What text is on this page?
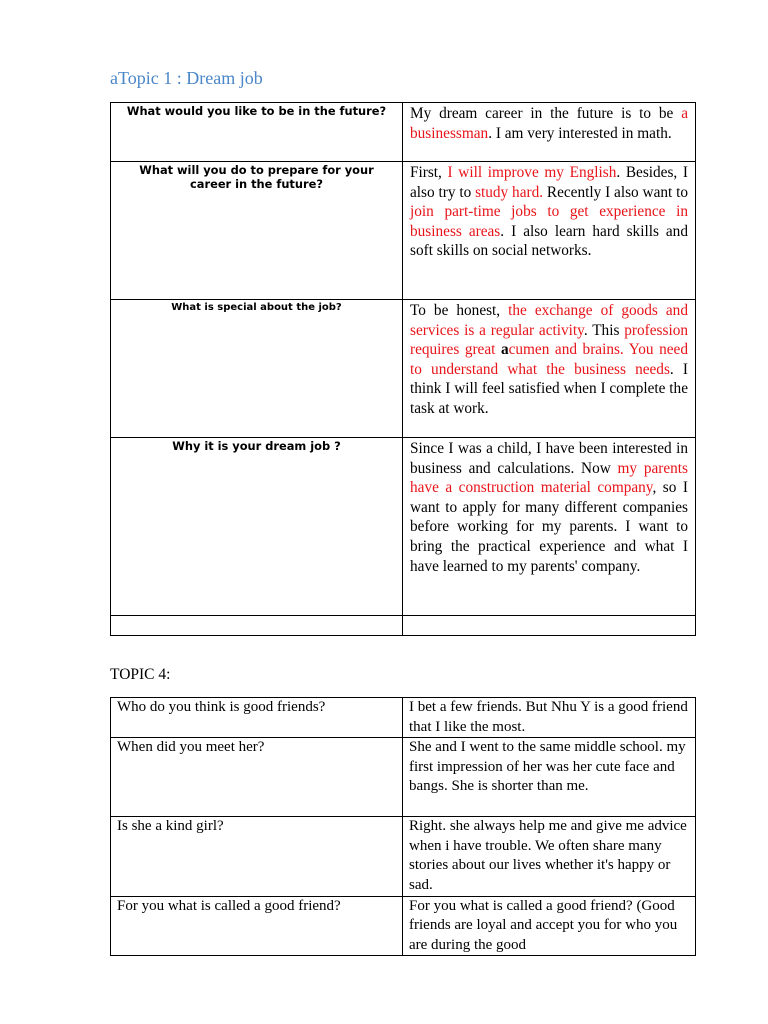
aTopic 1 : Dream job
What would you like to be in the future?	My dream career in the future is to be a businessman. I am very interested in math.
What will you do to prepare for your career in the future?	First, I will improve my English. Besides, I also try to study hard. Recently I also want to join part-time jobs to get experience in business areas. I also learn hard skills and soft skills on social networks.
What is special about the job?	To be honest, the exchange of goods and services is a regular activity. This profession requires great acumen and brains. You need to understand what the business needs. I think I will feel satisfied when I complete the task at work.
Why it is your dream job ?	Since I was a child, I have been interested in business and calculations. Now my parents have a construction material company, so I want to apply for many different companies before working for my parents. I want to bring the practical experience and what I have learned to my parents' company.

TOPIC 4:
Who do you think is good friends?	I bet a few friends. But Nhu Y is a good friend that I like the most.
When did you meet her?	She and I went to the same middle school. my first impression of her was her cute face and bangs. She is shorter than me.
Is she a kind girl?	Right. she always help me and give me advice when i have trouble. We often share many stories about our lives whether it's happy or sad.
For you what is called a good friend?	For you what is called a good friend? (Good friends are loyal and accept you for who you are during the good
